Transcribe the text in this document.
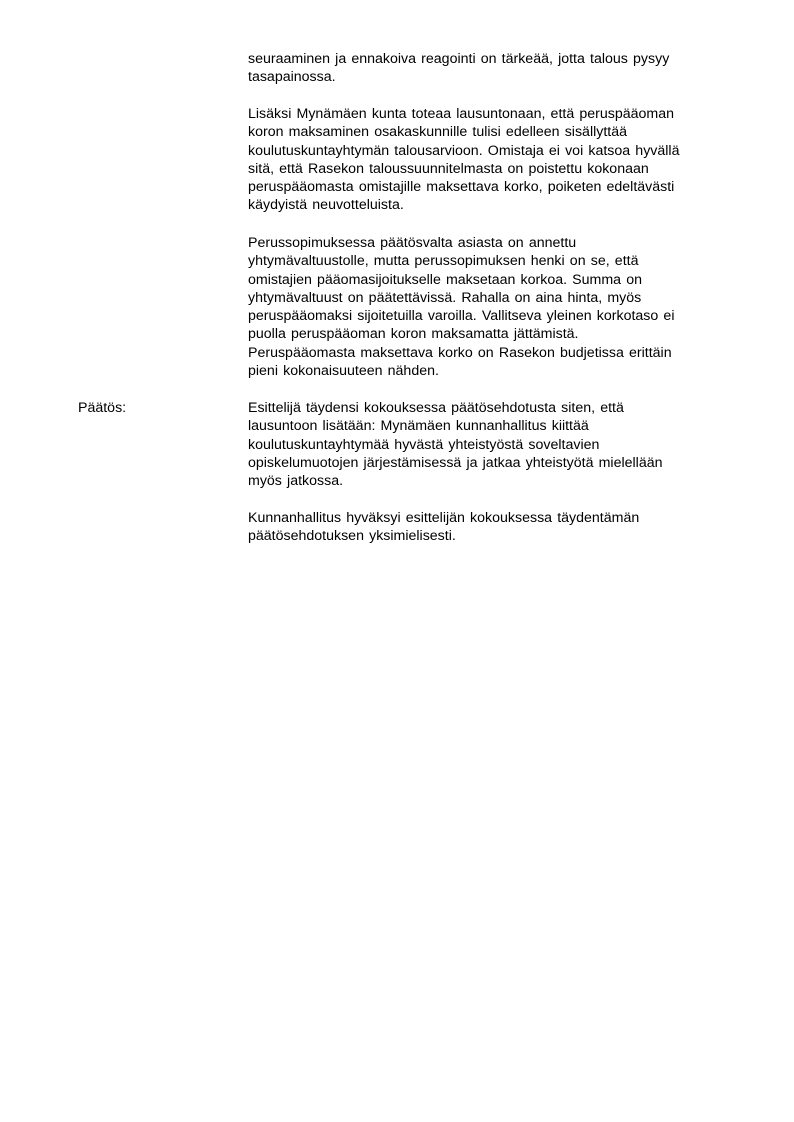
seuraaminen ja ennakoiva reagointi on tärkeää, jotta talous pysyy
tasapainossa.
Lisäksi Mynämäen kunta toteaa lausuntonaan, että peruspääoman
koron maksaminen osakaskunnille tulisi edelleen sisällyttää
koulutuskuntayhtymän talousarvioon. Omistaja ei voi katsoa hyvällä
sitä, että Rasekon taloussuunnitelmasta on poistettu kokonaan
peruspääomasta omistajille maksettava korko, poiketen edeltävästi
käydyistä neuvotteluista.
Perussopimuksessa päätösvalta asiasta on annettu
yhtymävaltuustolle, mutta perussopimuksen henki on se, että
omistajien pääomasijoitukselle maksetaan korkoa. Summa on
yhtymävaltuust on päätettävissä. Rahalla on aina hinta, myös
peruspääomaksi sijoitetuilla varoilla. Vallitseva yleinen korkotaso ei
puolla peruspääoman koron maksamatta jättämistä.
Peruspääomasta maksettava korko on Rasekon budjetissa erittäin
pieni kokonaisuuteen nähden.
Päätös:	Esittelijä täydensi kokouksessa päätösehdotusta siten, että
lausuntoon lisätään: Mynämäen kunnanhallitus kiittää
koulutuskuntayhtymää hyvästä yhteistyöstä soveltavien
opiskelumuotojen järjestämisessä ja jatkaa yhteistyötä mielellään
myös jatkossa.
Kunnanhallitus hyväksyi esittelijän kokouksessa täydentämän
päätösehdotuksen yksimielisesti.
